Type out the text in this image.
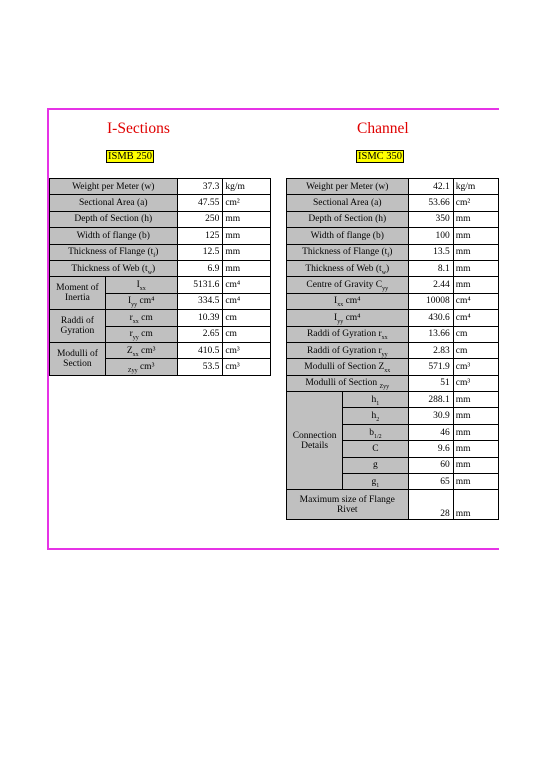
I-Sections	Channel
ISMB 250	ISMC 350
Weight per Meter (w)		37.3	kg/m
Sectional Area (a)		47.55	cm²
Depth of Section (h)		250	mm
Width of flange (b)		125	mm
Thickness of Flange $(t_f)$		12.5	mm
Thickness of Web $(t_w)$		6.9	mm
Moment of Inertia	$I_{xx}$	5131.6	cm⁴
	$I_{yy}$ cm⁴	334.5	cm⁴
Raddi of Gyration	$r_{xx}$ cm	10.39	cm
	$r_{yy}$ cm	2.65	cm
Modulli of Section	$Z_{xx}$ cm³	410.5	cm³
	$_{Zyy}$ cm³	53.5	cm³
Weight per Meter (w)		42.1	kg/m
Sectional Area (a)		53.66	cm²
Depth of Section (h)		350	mm
Width of flange (b)		100	mm
Thickness of Flange $(t_f)$		13.5	mm
Thickness of Web $(t_w)$		8.1	mm
Centre of Gravity $C_{yy}$		2.44	mm
$I_{xx}$ cm⁴		10008	cm⁴
$I_{yy}$ cm⁴		430.6	cm⁴
Raddi of Gyration $r_{xx}$		13.66	cm
Raddi of Gyration $r_{yy}$		2.83	cm
Modulli of Section $Z_{xx}$		571.9	cm³
Modulli of Section $_{Zyy}$		51	cm³
Connection Details	$h_1$	288.1	mm
	$h_2$	30.9	mm
	$b_{1/2}$	46	mm
	C	9.6	mm
	g	60	mm
	$g_1$	65	mm
Maximum size of Flange Rivet		28	mm
